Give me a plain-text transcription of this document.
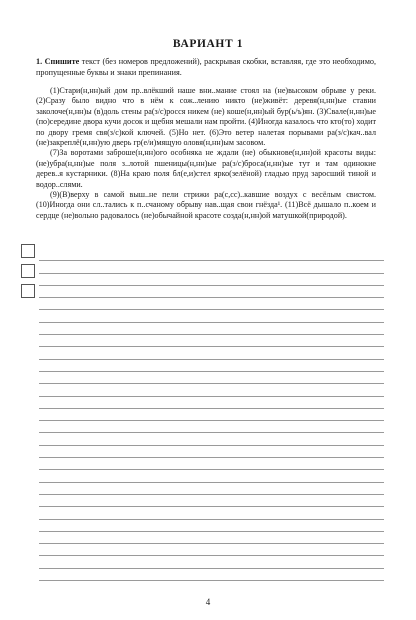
ВАРИАНТ 1
1. Спишите текст (без номеров предложений), раскрывая скобки, вставляя, где это необходимо, пропущенные буквы и знаки препинания.

(1)Стари(н,нн)ый дом пр..влёкший наше вни..мание стоял на (не)высоком обрыве у реки. (2)Сразу было видно что в нём к сож..лению никто (не)живёт: деревя(н,нн)ые ставни заколоче(н,нн)ы (в)доль стены ра(з/с)росся никем (не) коше(н,нн)ый бур(ь/ъ)ян. (3)Свале(н,нн)ые (по)середине двора кучи досок и щебня мешали нам пройти. (4)Иногда казалось что кто(то) ходит по двору гремя свя(з/с)кой ключей. (5)Но нет. (6)Это ветер налетая порывами ра(з/с)кач..вал (не)закреплё(н,нн)ую дверь гр(е/и)мящую оловя(н,нн)ым засовом.

(7)За воротами заброше(н,нн)ого особняка не ждали (не) обыкнове(н,нн)ой красоты виды: (не)убра(н,нн)ые поля з..лотой пшеницы(н,нн)ые ра(з/с)броса(н,нн)ые тут и там одинокие дерев..я кустарники. (8)На краю поля бл(е,и)стел ярко(зелёной) гладью пруд заросший тиной и водор..слями.

(9)(В)верху в самой выш..не пели стрижи ра(с,сс)..кавшие воздух с весёлым свистом. (10)Иногда они сл..тались к п..счаному обрыву нав..щая свои гнёзда¹. (11)Всё дышало п..коем и сердце (не)вольно радовалось (не)обычайной красоте созда(н,нн)ой матушкой(природой).

4
